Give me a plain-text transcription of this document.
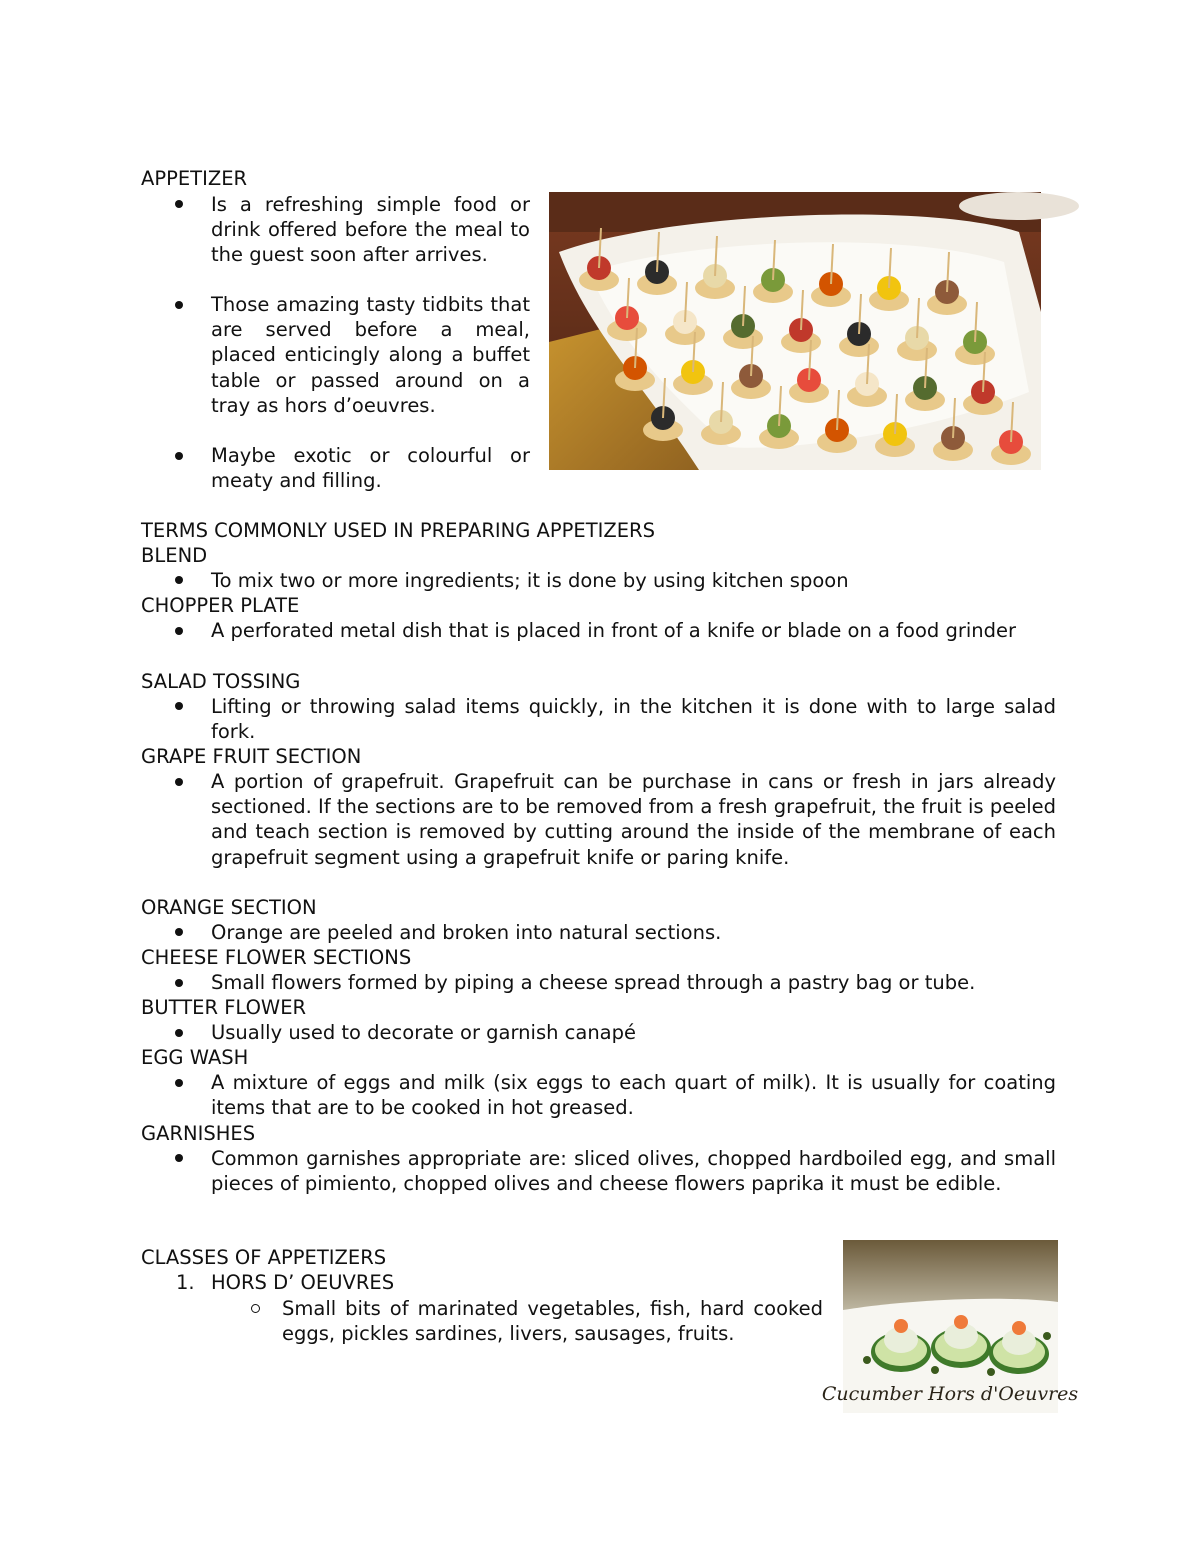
APPETIZER
Is a refreshing simple food or drink offered before the meal to the guest soon after arrives.
Those amazing tasty tidbits that are served before a meal, placed enticingly along a buffet table or passed around on a tray as hors d’oeuvres.
Maybe exotic or colourful or meaty and filling.
TERMS COMMONLY USED IN PREPARING APPETIZERS
BLEND
To mix two or more ingredients; it is done by using kitchen spoon
CHOPPER PLATE
A perforated metal dish that is placed in front of a knife or blade on a food grinder
SALAD TOSSING
Lifting or throwing salad items quickly, in the kitchen it is done with to large salad fork.
GRAPE FRUIT SECTION
A portion of grapefruit. Grapefruit can be purchase in cans or fresh in jars already sectioned. If the sections are to be removed from a fresh grapefruit, the fruit is peeled and teach section is removed by cutting around the inside of the membrane of each grapefruit segment using a grapefruit knife or paring knife.
ORANGE SECTION
Orange are peeled and broken into natural sections.
CHEESE FLOWER SECTIONS
Small flowers formed by piping a cheese spread through a pastry bag or tube.
BUTTER FLOWER
Usually used to decorate or garnish canapé
EGG WASH
A mixture of eggs and milk (six eggs to each quart of milk). It is usually for coating items that are to be cooked in hot greased.
GARNISHES
Common garnishes appropriate are: sliced olives, chopped hardboiled egg, and small pieces of pimiento, chopped olives and cheese flowers paprika it must be edible.
CLASSES OF APPETIZERS
1. HORS D’ OEUVRES
Small bits of marinated vegetables, fish, hard cooked eggs, pickles sardines, livers, sausages, fruits.
Cucumber Hors d'Oeuvres
